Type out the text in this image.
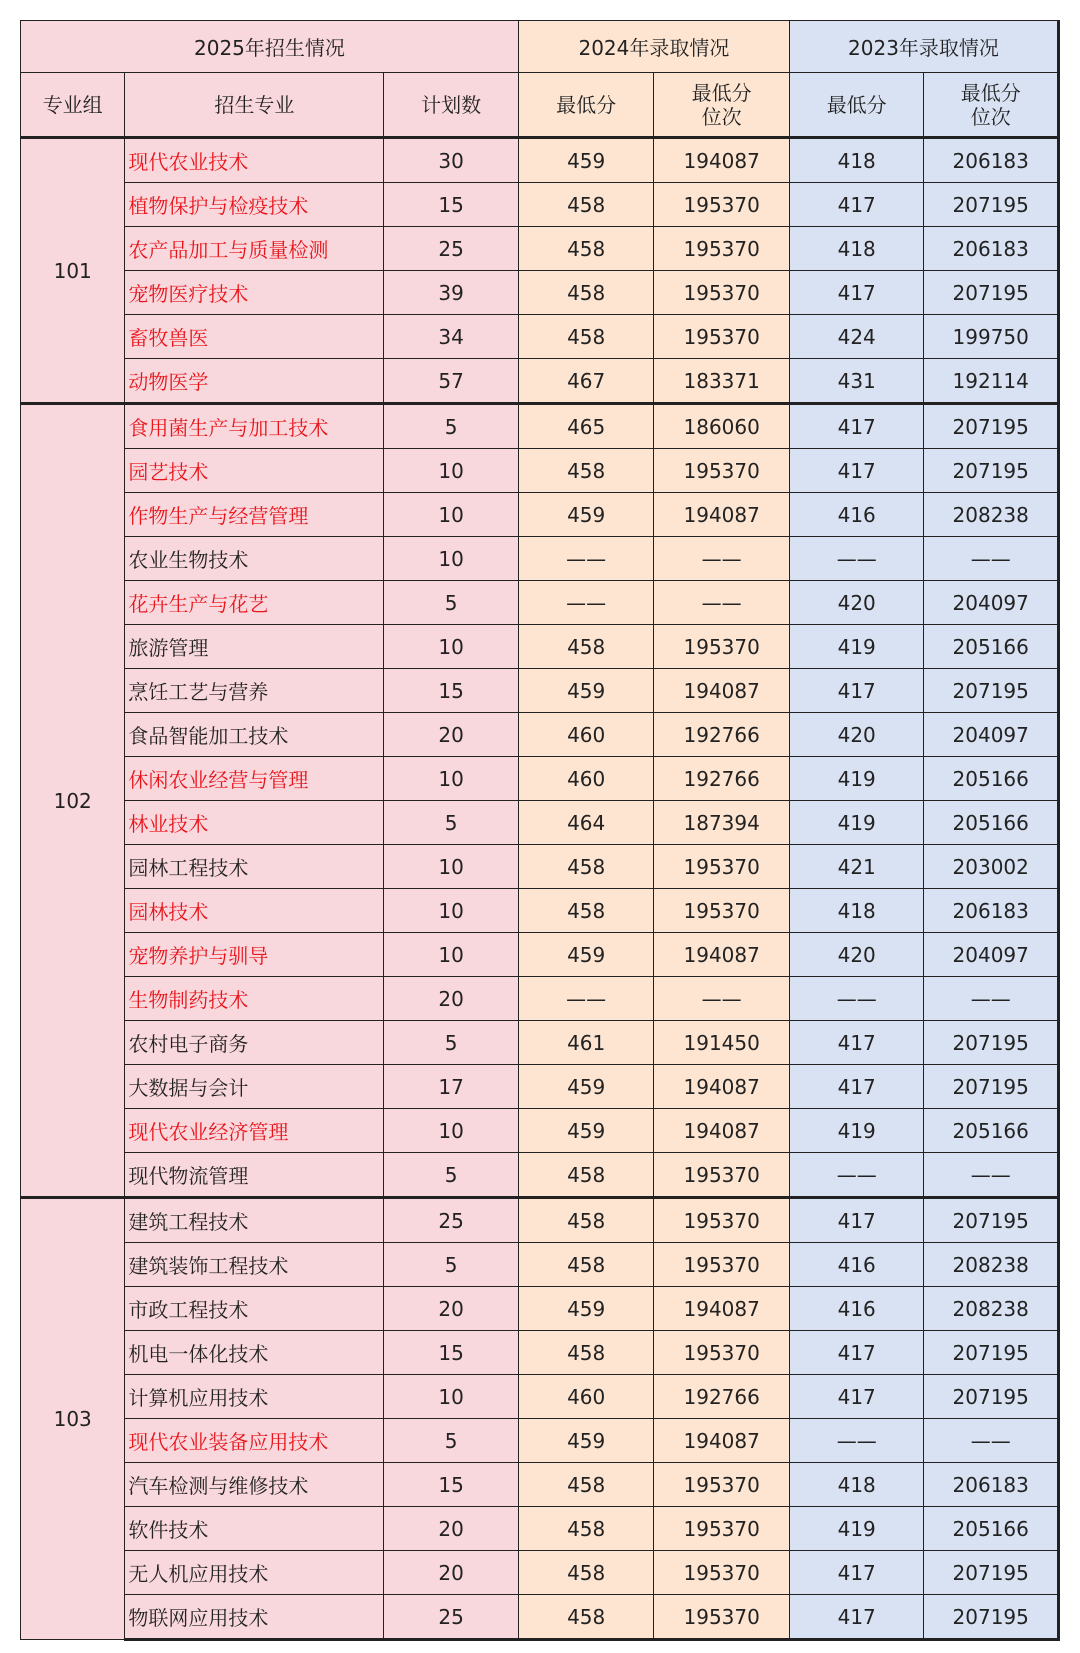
2025年招生情况			2024年录取情况		2023年录取情况	
专业组	招生专业	计划数	最低分	最低分位次	最低分	最低分位次

101	现代农业技术	30	459	194087	418	206183
	植物保护与检疫技术	15	458	195370	417	207195
	农产品加工与质量检测	25	458	195370	418	206183
	宠物医疗技术	39	458	195370	417	207195
	畜牧兽医	34	458	195370	424	199750
	动物医学	57	467	183371	431	192114
102	食用菌生产与加工技术	5	465	186060	417	207195
	园艺技术	10	458	195370	417	207195
	作物生产与经营管理	10	459	194087	416	208238
	农业生物技术	10	——	——	——	——
	花卉生产与花艺	5	——	——	420	204097
	旅游管理	10	458	195370	419	205166
	烹饪工艺与营养	15	459	194087	417	207195
	食品智能加工技术	20	460	192766	420	204097
	休闲农业经营与管理	10	460	192766	419	205166
	林业技术	5	464	187394	419	205166
	园林工程技术	10	458	195370	421	203002
	园林技术	10	458	195370	418	206183
	宠物养护与驯导	10	459	194087	420	204097
	生物制药技术	20	——	——	——	——
	农村电子商务	5	461	191450	417	207195
	大数据与会计	17	459	194087	417	207195
	现代农业经济管理	10	459	194087	419	205166
	现代物流管理	5	458	195370	——	——
103	建筑工程技术	25	458	195370	417	207195
	建筑装饰工程技术	5	458	195370	416	208238
	市政工程技术	20	459	194087	416	208238
	机电一体化技术	15	458	195370	417	207195
	计算机应用技术	10	460	192766	417	207195
	现代农业装备应用技术	5	459	194087	——	——
	汽车检测与维修技术	15	458	195370	418	206183
	软件技术	20	458	195370	419	205166
	无人机应用技术	20	458	195370	417	207195
	物联网应用技术	25	458	195370	417	207195
